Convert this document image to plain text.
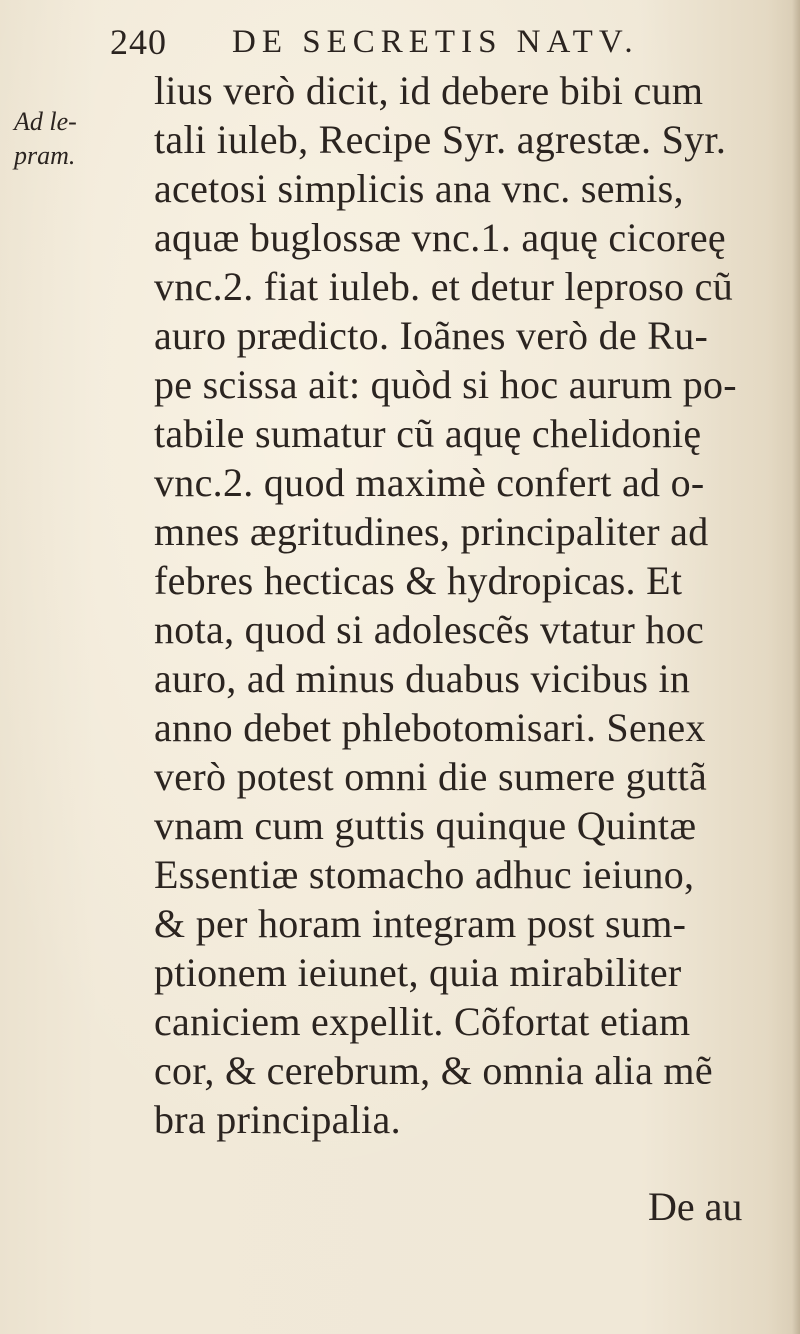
240 DE SECRETIS NATV.
Ad le-
pram.
lius verò dicit, id debere bibi cum
tali iuleb, Recipe Syr. agrestæ. Syr.
acetosi simplicis ana vnc. semis,
aquæ buglossæ vnc.1. aquę cicoreę
vnc.2. fiat iuleb. et detur leproso cũ
auro prædicto. Ioãnes verò de Ru-
pe scissa ait: quòd si hoc aurum po-
tabile sumatur cũ aquę chelidonię
vnc.2. quod maximè confert ad o-
mnes ægritudines, principaliter ad
febres hecticas & hydropicas. Et
nota, quod si adolescẽs vtatur hoc
auro, ad minus duabus vicibus in
anno debet phlebotomisari. Senex
verò potest omni die sumere guttã
vnam cum guttis quinque Quintæ
Essentiæ stomacho adhuc ieiuno,
& per horam integram post sum-
ptionem ieiunet, quia mirabiliter
caniciem expellit. Cõfortat etiam
cor, & cerebrum, & omnia alia mẽ
bra principalia.
De au
